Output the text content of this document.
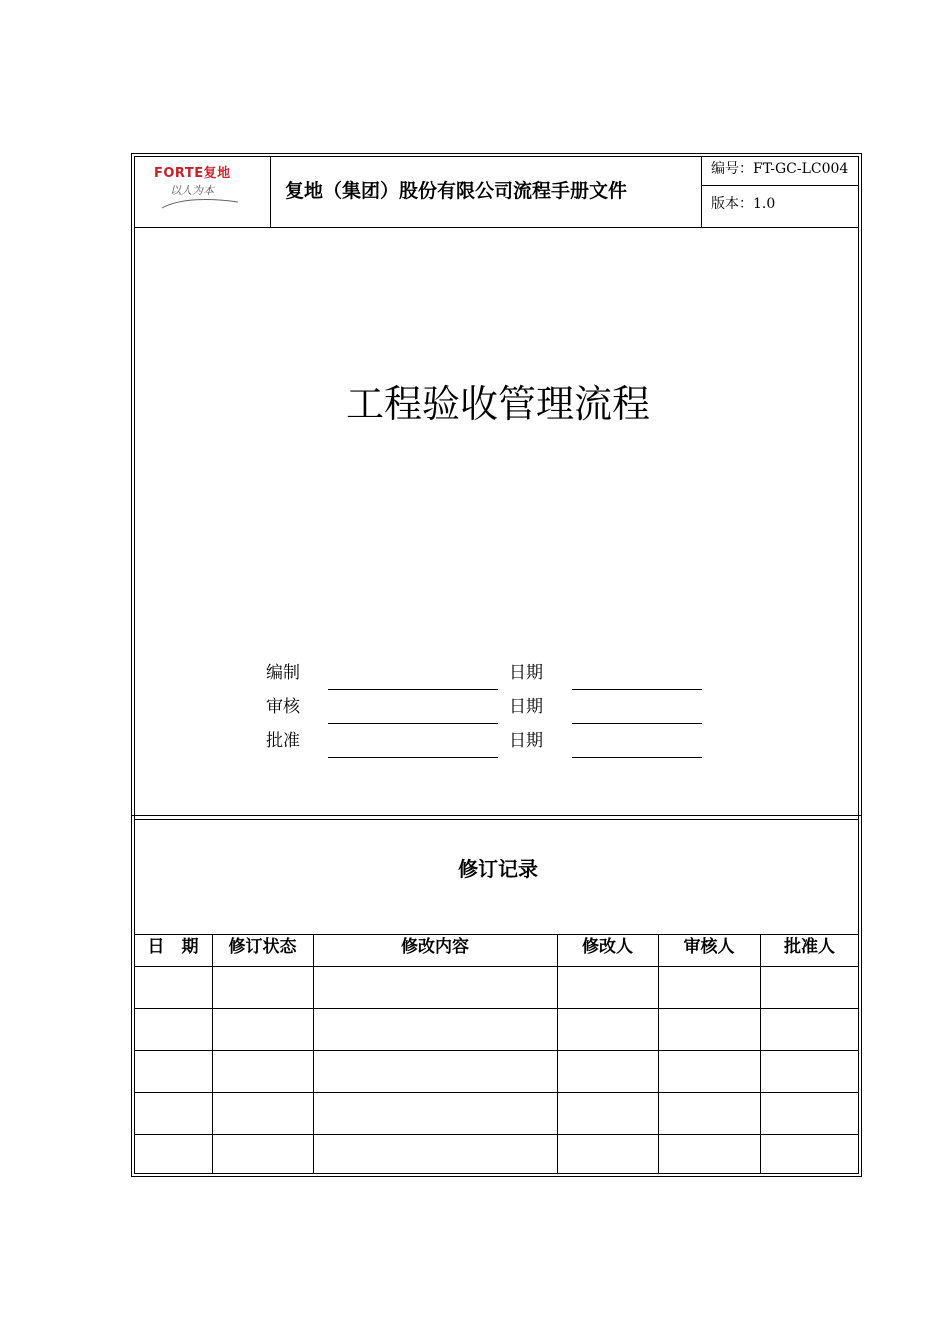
FORTE复地
以人为本	复地（集团）股份有限公司流程手册文件
编号：FT-GC-LC004
版本：1.0
工程验收管理流程
编制	日期
审核	日期
批准	日期
修订记录
日　期	修订状态	修改内容	修改人	审核人	批准人
